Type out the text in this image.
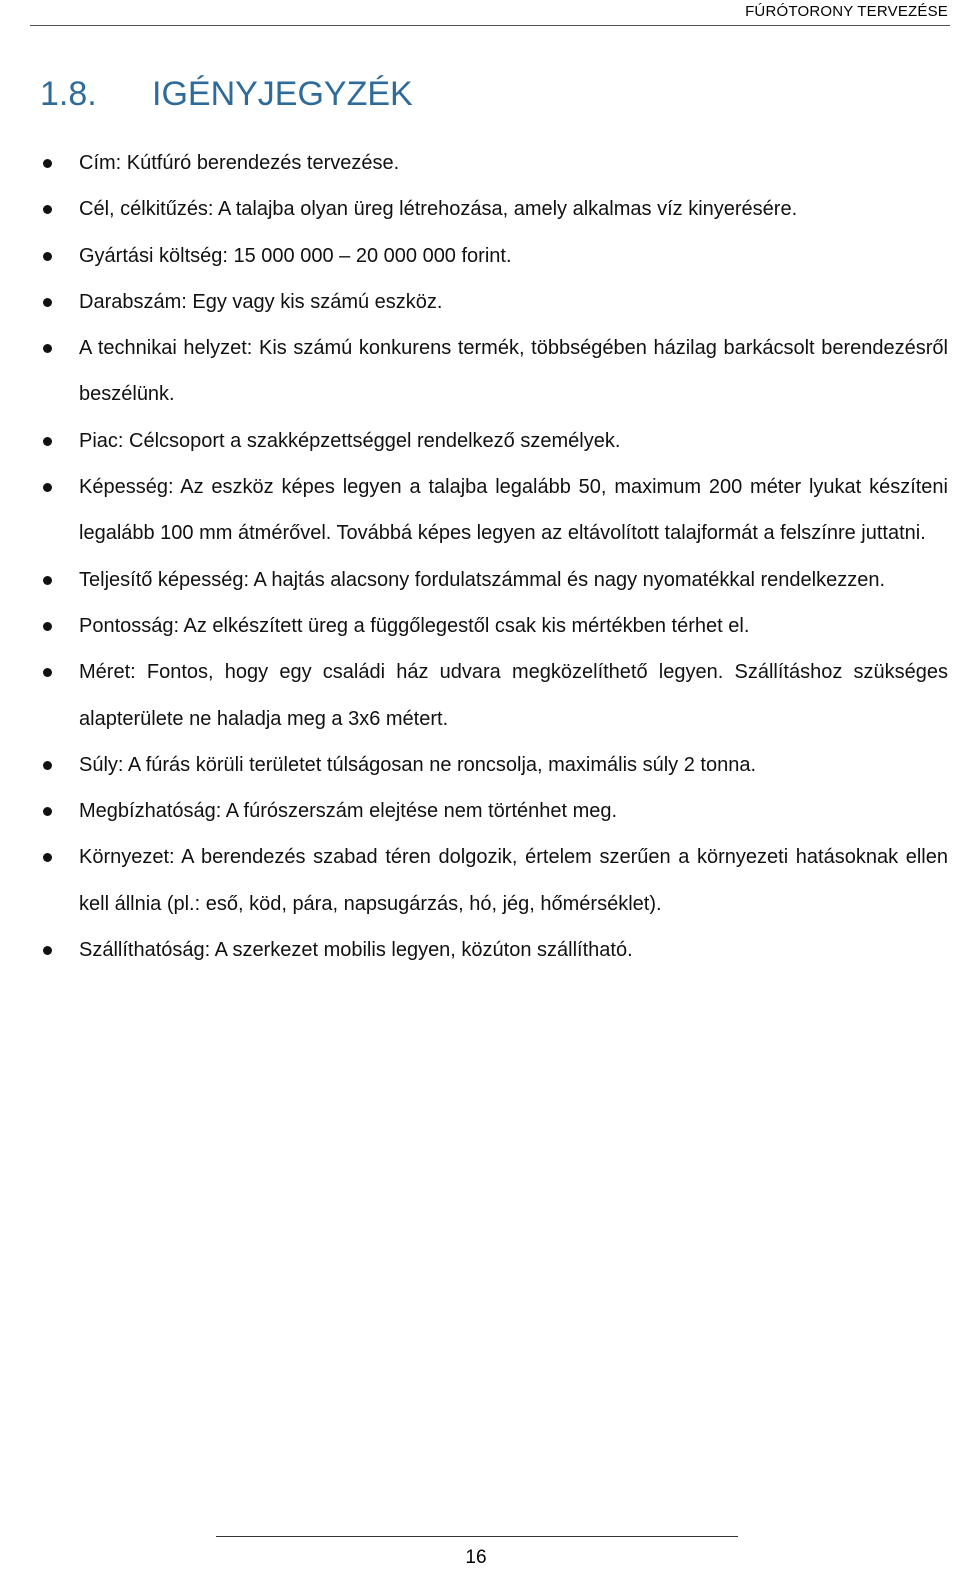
FÚRÓTORONY TERVEZÉSE
1.8. IGÉNYJEGYZÉK
Cím: Kútfúró berendezés tervezése.
Cél, célkitűzés: A talajba olyan üreg létrehozása, amely alkalmas víz kinyerésére.
Gyártási költség: 15 000 000 – 20 000 000 forint.
Darabszám: Egy vagy kis számú eszköz.
A technikai helyzet: Kis számú konkurens termék, többségében házilag barkácsolt berendezésről beszélünk.
Piac: Célcsoport a szakképzettséggel rendelkező személyek.
Képesség: Az eszköz képes legyen a talajba legalább 50, maximum 200 méter lyukat készíteni legalább 100 mm átmérővel. Továbbá képes legyen az eltávolított talajformát a felszínre juttatni.
Teljesítő képesség: A hajtás alacsony fordulatszámmal és nagy nyomatékkal rendelkezzen.
Pontosság: Az elkészített üreg a függőlegestől csak kis mértékben térhet el.
Méret: Fontos, hogy egy családi ház udvara megközelíthető legyen. Szállításhoz szükséges alapterülete ne haladja meg a 3x6 métert.
Súly: A fúrás körüli területet túlságosan ne roncsolja, maximális súly 2 tonna.
Megbízhatóság: A fúrószerszám elejtése nem történhet meg.
Környezet: A berendezés szabad téren dolgozik, értelem szerűen a környezeti hatásoknak ellen kell állnia (pl.: eső, köd, pára, napsugárzás, hó, jég, hőmérséklet).
Szállíthatóság: A szerkezet mobilis legyen, közúton szállítható.
16
